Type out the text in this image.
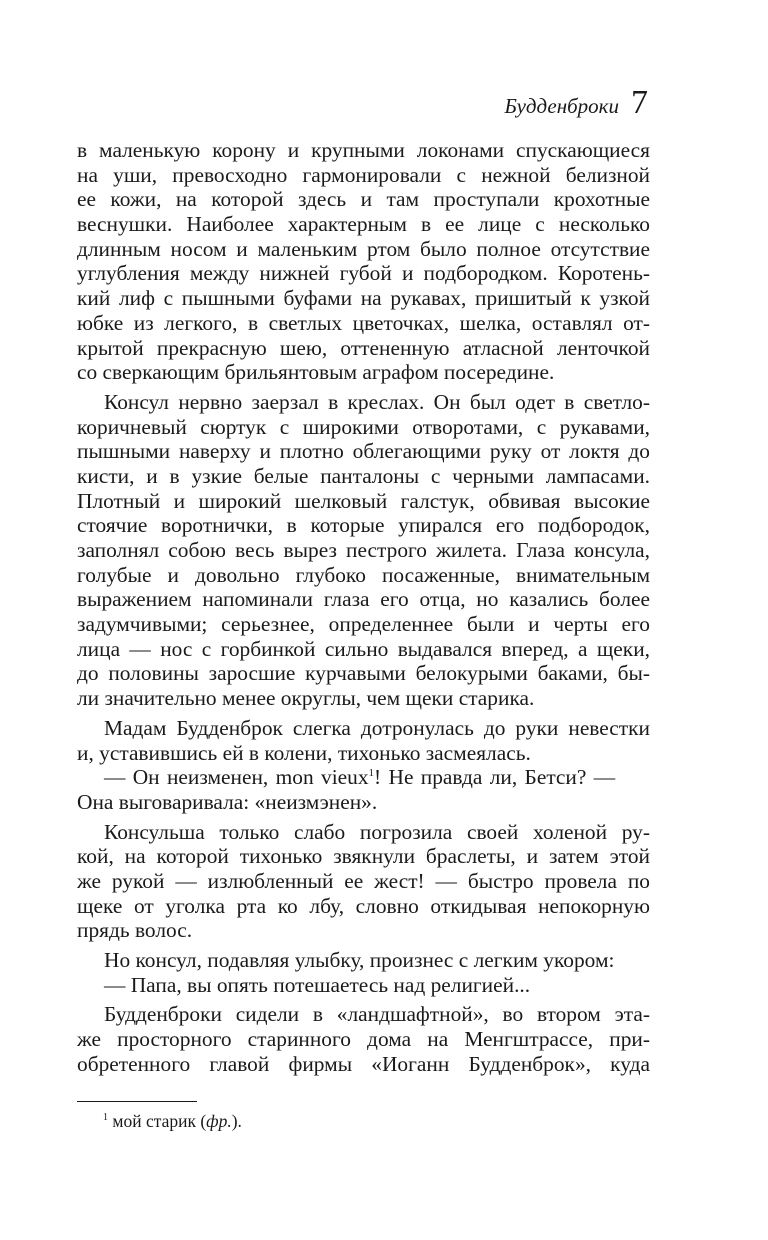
Будденброки 7
в маленькую корону и крупными локонами спускающиеся
на уши, превосходно гармонировали с нежной белизной
ее кожи, на которой здесь и там проступали крохотные
веснушки. Наиболее характерным в ее лице с несколько
длинным носом и маленьким ртом было полное отсутствие
углубления между нижней губой и подбородком. Коротень-
кий лиф с пышными буфами на рукавах, пришитый к узкой
юбке из легкого, в светлых цветочках, шелка, оставлял от-
крытой прекрасную шею, оттененную атласной ленточкой
со сверкающим брильянтовым аграфом посередине.
Консул нервно заерзал в креслах. Он был одет в светло-
коричневый сюртук с широкими отворотами, с рукавами,
пышными наверху и плотно облегающими руку от локтя до
кисти, и в узкие белые панталоны с черными лампасами.
Плотный и широкий шелковый галстук, обвивая высокие
стоячие воротнички, в которые упирался его подбородок,
заполнял собою весь вырез пестрого жилета. Глаза консула,
голубые и довольно глубоко посаженные, внимательным
выражением напоминали глаза его отца, но казались более
задумчивыми; серьезнее, определеннее были и черты его
лица — нос с горбинкой сильно выдавался вперед, а щеки,
до половины заросшие курчавыми белокурыми баками, бы-
ли значительно менее округлы, чем щеки старика.
Мадам Будденброк слегка дотронулась до руки невестки
и, уставившись ей в колени, тихонько засмеялась.
— Он неизменен, mon vieux$^1$! Не правда ли, Бетси? —
Она выговаривала: «неизмэнен».
Консульша только слабо погрозила своей холеной ру-
кой, на которой тихонько звякнули браслеты, и затем этой
же рукой — излюбленный ее жест! — быстро провела по
щеке от уголка рта ко лбу, словно откидывая непокорную
прядь волос.
Но консул, подавляя улыбку, произнес с легким укором:
— Папа, вы опять потешаетесь над религией...
Будденброки сидели в «ландшафтной», во втором эта-
же просторного старинного дома на Менгштрассе, при-
обретенного главой фирмы «Иоганн Будденброк», куда
$^1$ мой старик (фр.).
